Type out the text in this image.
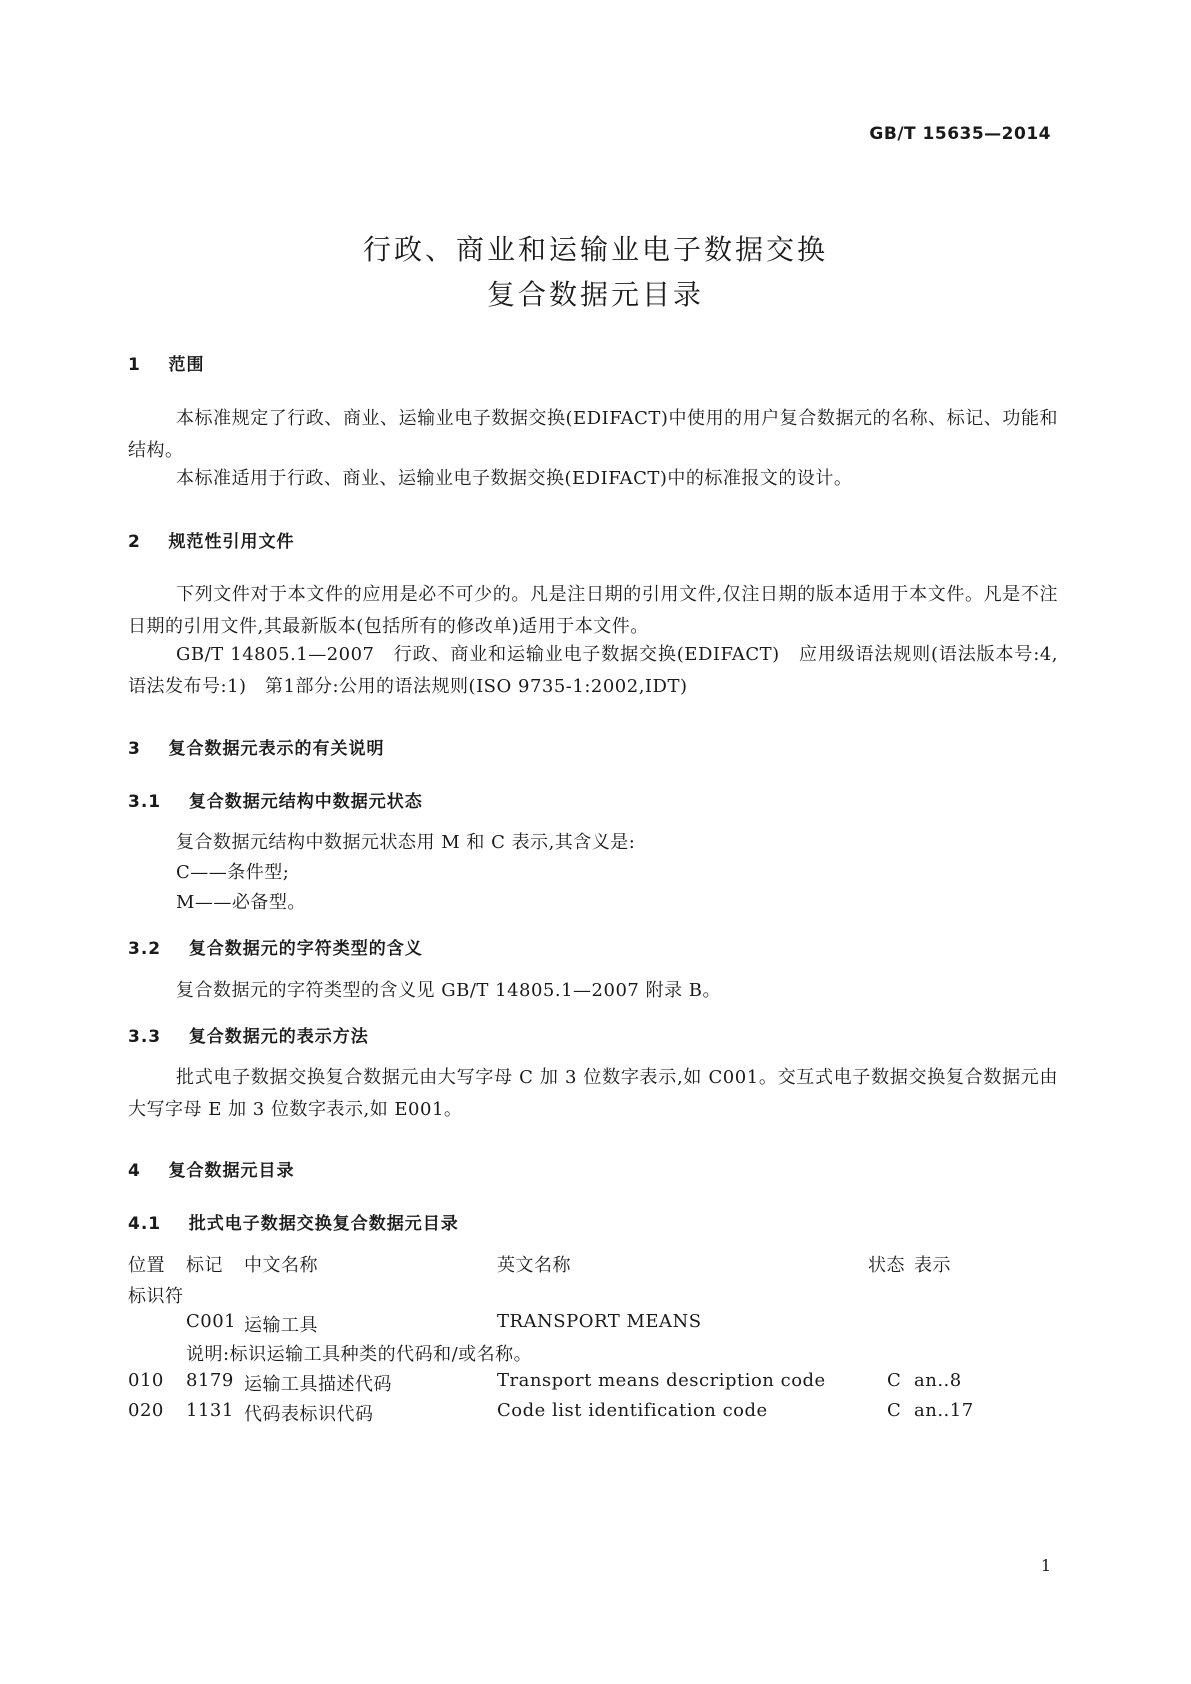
GB/T 15635—2014
行政、商业和运输业电子数据交换
复合数据元目录
1 范围
本标准规定了行政、商业、运输业电子数据交换(EDIFACT)中使用的用户复合数据元的名称、标记、功能和结构。
本标准适用于行政、商业、运输业电子数据交换(EDIFACT)中的标准报文的设计。
2 规范性引用文件
下列文件对于本文件的应用是必不可少的。凡是注日期的引用文件,仅注日期的版本适用于本文件。凡是不注日期的引用文件,其最新版本(包括所有的修改单)适用于本文件。
GB/T 14805.1—2007　行政、商业和运输业电子数据交换(EDIFACT)　应用级语法规则(语法版本号:4,语法发布号:1)　第1部分:公用的语法规则(ISO 9735-1:2002,IDT)
3 复合数据元表示的有关说明
3.1 复合数据元结构中数据元状态
复合数据元结构中数据元状态用 M 和 C 表示,其含义是:
C——条件型;
M——必备型。
3.2 复合数据元的字符类型的含义
复合数据元的字符类型的含义见 GB/T 14805.1—2007 附录 B。
3.3 复合数据元的表示方法
批式电子数据交换复合数据元由大写字母 C 加 3 位数字表示,如 C001。交互式电子数据交换复合数据元由大写字母 E 加 3 位数字表示,如 E001。
4 复合数据元目录
4.1 批式电子数据交换复合数据元目录
位置 标记 中文名称	英文名称	状态 表示
标识符
C001 运输工具	TRANSPORT MEANS
说明:标识运输工具种类的代码和/或名称。
010 8179 运输工具描述代码	Transport means description code	C an..8
020 1131 代码表标识代码	Code list identification code	C an..17
1
